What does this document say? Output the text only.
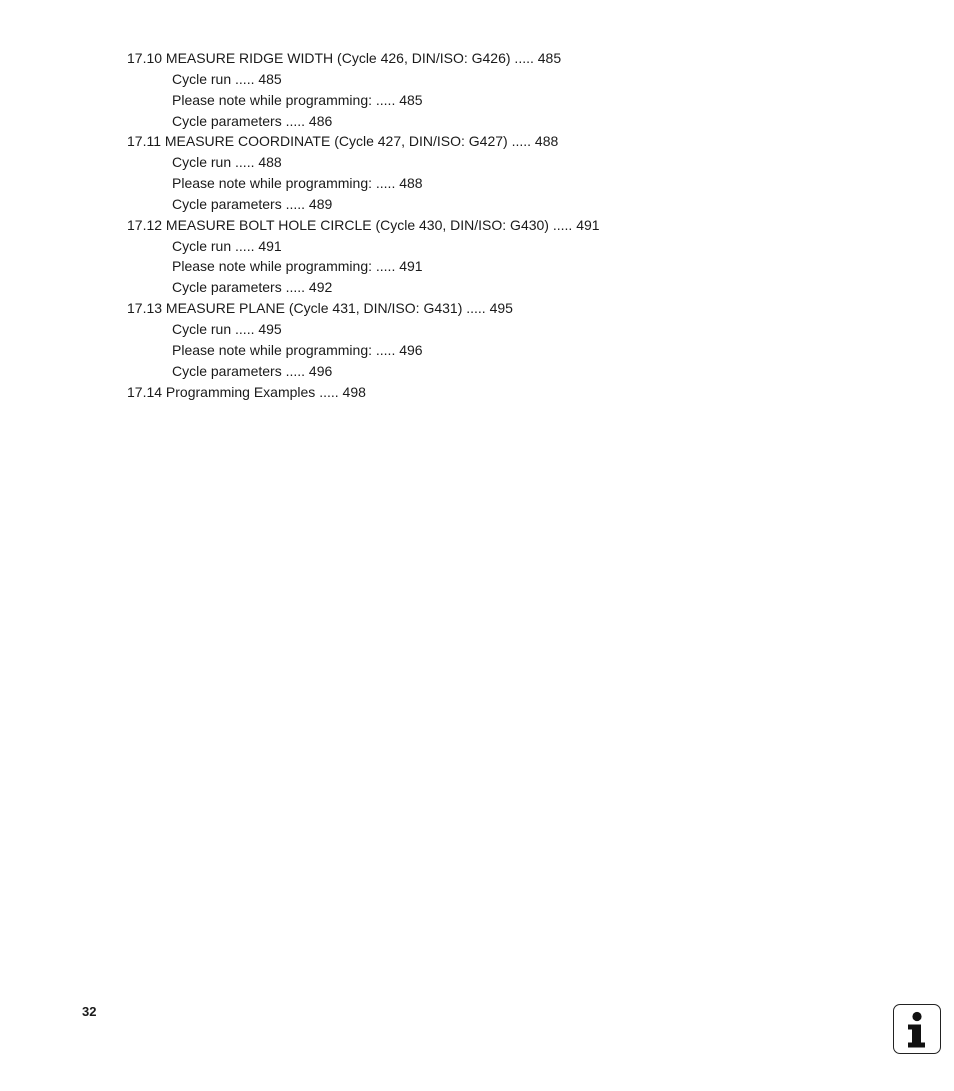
17.10 MEASURE RIDGE WIDTH (Cycle 426, DIN/ISO: G426) ..... 485
Cycle run ..... 485
Please note while programming: ..... 485
Cycle parameters ..... 486
17.11 MEASURE COORDINATE (Cycle 427, DIN/ISO: G427) ..... 488
Cycle run ..... 488
Please note while programming: ..... 488
Cycle parameters ..... 489
17.12 MEASURE BOLT HOLE CIRCLE (Cycle 430, DIN/ISO: G430) ..... 491
Cycle run ..... 491
Please note while programming: ..... 491
Cycle parameters ..... 492
17.13 MEASURE PLANE (Cycle 431, DIN/ISO: G431) ..... 495
Cycle run ..... 495
Please note while programming: ..... 496
Cycle parameters ..... 496
17.14 Programming Examples ..... 498
32
